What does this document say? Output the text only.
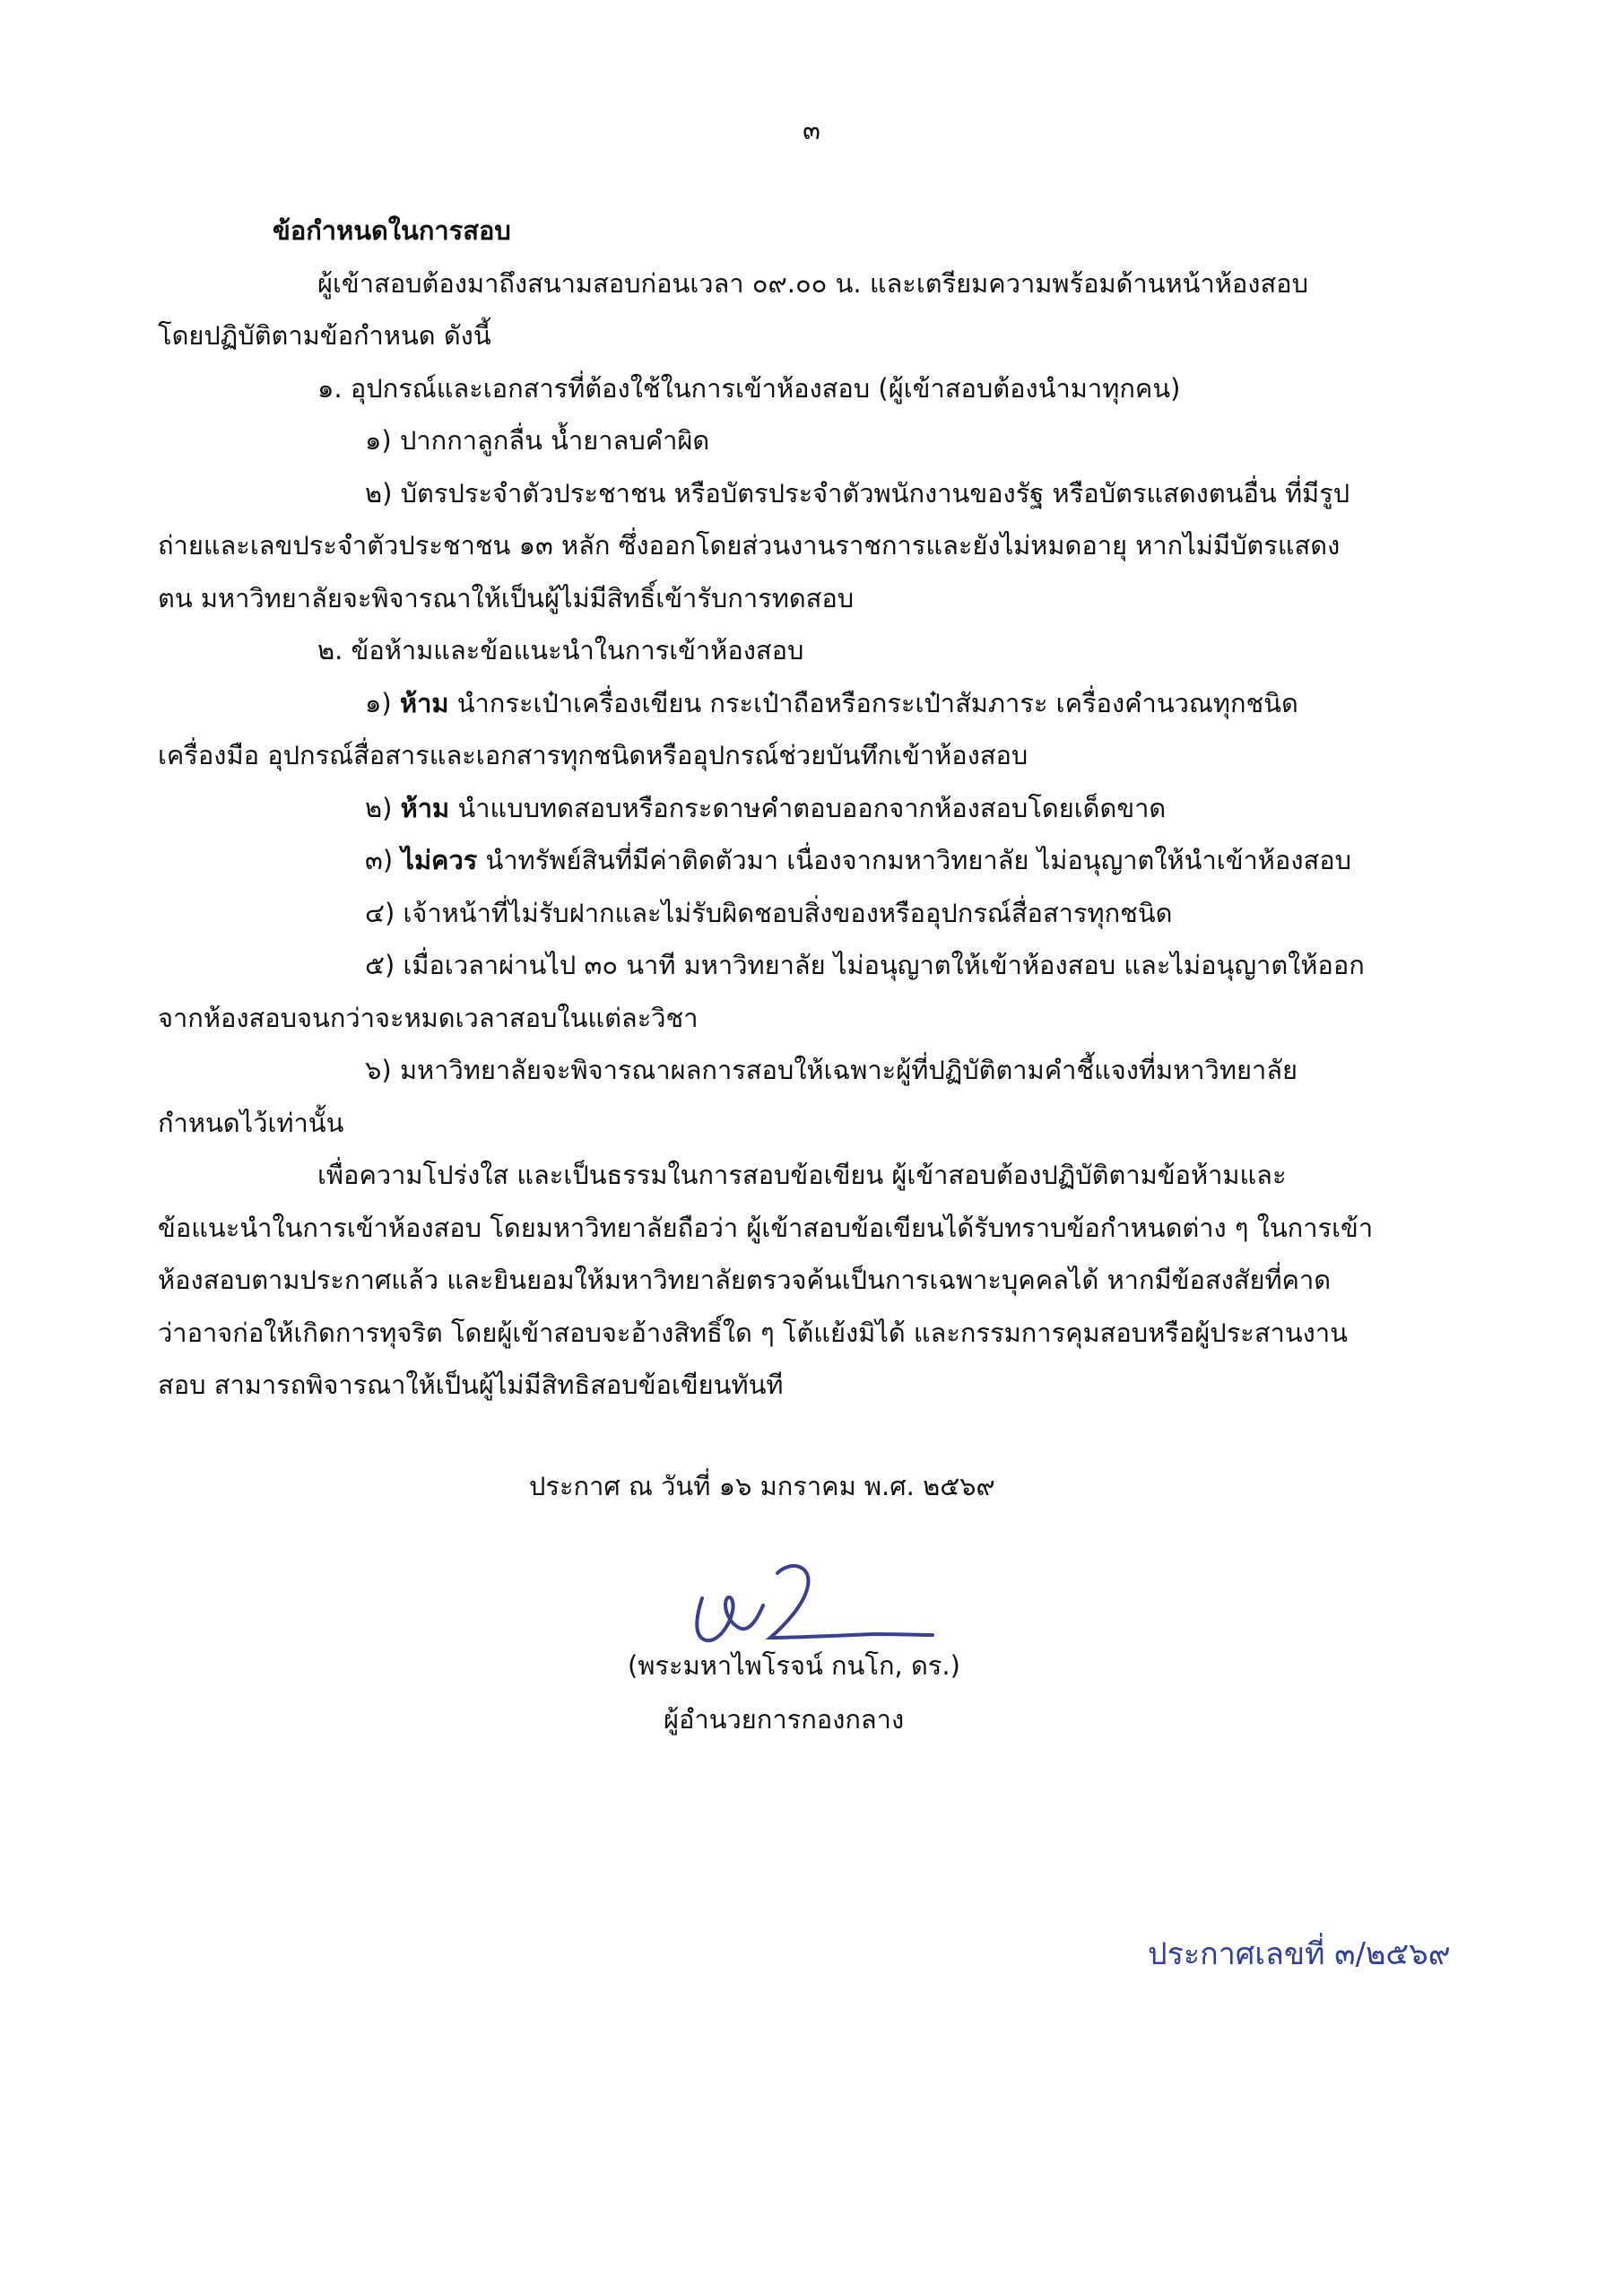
๓
ข้อกำหนดในการสอบ
ผู้เข้าสอบต้องมาถึงสนามสอบก่อนเวลา ๐๙.๐๐ น. และเตรียมความพร้อมด้านหน้าห้องสอบ
โดยปฏิบัติตามข้อกำหนด ดังนี้
๑. อุปกรณ์และเอกสารที่ต้องใช้ในการเข้าห้องสอบ (ผู้เข้าสอบต้องนำมาทุกคน)
๑) ปากกาลูกลื่น น้ำยาลบคำผิด
๒) บัตรประจำตัวประชาชน หรือบัตรประจำตัวพนักงานของรัฐ หรือบัตรแสดงตนอื่น ที่มีรูป
ถ่ายและเลขประจำตัวประชาชน ๑๓ หลัก ซึ่งออกโดยส่วนงานราชการและยังไม่หมดอายุ หากไม่มีบัตรแสดง
ตน มหาวิทยาลัยจะพิจารณาให้เป็นผู้ไม่มีสิทธิ์เข้ารับการทดสอบ
๒. ข้อห้ามและข้อแนะนำในการเข้าห้องสอบ
๑) ห้าม นำกระเป๋าเครื่องเขียน กระเป๋าถือหรือกระเป๋าสัมภาระ เครื่องคำนวณทุกชนิด
เครื่องมือ อุปกรณ์สื่อสารและเอกสารทุกชนิดหรืออุปกรณ์ช่วยบันทึกเข้าห้องสอบ
๒) ห้าม นำแบบทดสอบหรือกระดาษคำตอบออกจากห้องสอบโดยเด็ดขาด
๓) ไม่ควร นำทรัพย์สินที่มีค่าติดตัวมา เนื่องจากมหาวิทยาลัย ไม่อนุญาตให้นำเข้าห้องสอบ
๔) เจ้าหน้าที่ไม่รับฝากและไม่รับผิดชอบสิ่งของหรืออุปกรณ์สื่อสารทุกชนิด
๕) เมื่อเวลาผ่านไป ๓๐ นาที มหาวิทยาลัย ไม่อนุญาตให้เข้าห้องสอบ และไม่อนุญาตให้ออก
จากห้องสอบจนกว่าจะหมดเวลาสอบในแต่ละวิชา
๖) มหาวิทยาลัยจะพิจารณาผลการสอบให้เฉพาะผู้ที่ปฏิบัติตามคำชี้แจงที่มหาวิทยาลัย
กำหนดไว้เท่านั้น
เพื่อความโปร่งใส และเป็นธรรมในการสอบข้อเขียน ผู้เข้าสอบต้องปฏิบัติตามข้อห้ามและ
ข้อแนะนำในการเข้าห้องสอบ โดยมหาวิทยาลัยถือว่า ผู้เข้าสอบข้อเขียนได้รับทราบข้อกำหนดต่าง ๆ ในการเข้า
ห้องสอบตามประกาศแล้ว และยินยอมให้มหาวิทยาลัยตรวจค้นเป็นการเฉพาะบุคคลได้ หากมีข้อสงสัยที่คาด
ว่าอาจก่อให้เกิดการทุจริต โดยผู้เข้าสอบจะอ้างสิทธิ์ใด ๆ โต้แย้งมิได้ และกรรมการคุมสอบหรือผู้ประสานงาน
สอบ สามารถพิจารณาให้เป็นผู้ไม่มีสิทธิสอบข้อเขียนทันที
ประกาศ ณ วันที่ ๑๖ มกราคม พ.ศ. ๒๕๖๙
(พระมหาไพโรจน์ กนโก, ดร.)
ผู้อำนวยการกองกลาง
ประกาศเลขที่ ๓/๒๕๖๙
